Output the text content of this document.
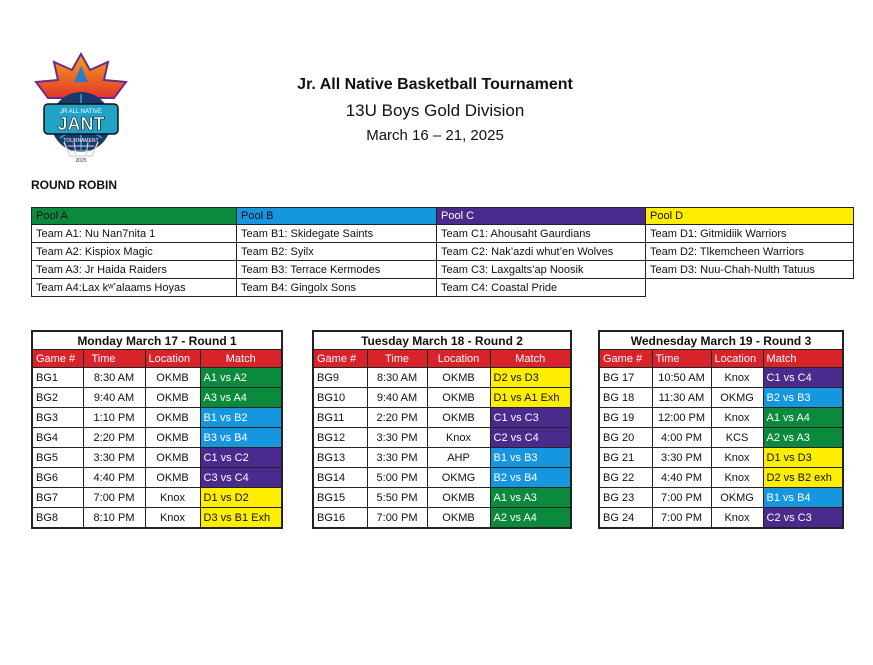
JR ALL NATIVE
JANT
TOURNAMENT
2025
Jr. All Native Basketball Tournament
13U Boys Gold Division
March 16 – 21, 2025
ROUND ROBIN
Pool A	Pool B	Pool C	Pool D
Team A1: Nu Nan7nita 1	Team B1: Skidegate Saints	Team C1: Ahousaht Gaurdians	Team D1: Gitmidiik Warriors
Team A2: Kispiox Magic	Team B2: Syilx	Team C2: Nak’azdi whut’en Wolves	Team D2: Tlkemcheen Warriors
Team A3: Jr Haida Raiders	Team B3: Terrace Kermodes	Team C3: Laxgalts’ap Noosik	Team D3: Nuu-Chah-Nulth Tatuus
Team A4:Lax kʷʼalaams Hoyas	Team B4: Gingolx Sons	Team C4: Coastal Pride	
Monday March 17 - Round 1			
Game #	Time	Location	Match
BG1	8:30 AM	OKMB	A1 vs A2
BG2	9:40 AM	OKMB	A3 vs A4
BG3	1:10 PM	OKMB	B1 vs B2
BG4	2:20 PM	OKMB	B3 vs B4
BG5	3:30 PM	OKMB	C1 vs C2
BG6	4:40 PM	OKMB	C3 vs C4
BG7	7:00 PM	Knox	D1 vs D2
BG8	8:10 PM	Knox	D3 vs B1 Exh
Tuesday March 18 - Round 2			
Game #	Time	Location	Match
BG9	8:30 AM	OKMB	D2 vs D3
BG10	9:40 AM	OKMB	D1 vs A1 Exh
BG11	2:20 PM	OKMB	C1 vs C3
BG12	3:30 PM	Knox	C2 vs C4
BG13	3:30 PM	AHP	B1 vs B3
BG14	5:00 PM	OKMG	B2 vs B4
BG15	5:50 PM	OKMB	A1 vs A3
BG16	7:00 PM	OKMB	A2 vs A4
Wednesday March 19 - Round 3			
Game #	Time	Location	Match
BG 17	10:50 AM	Knox	C1 vs C4
BG 18	11:30 AM	OKMG	B2 vs B3
BG 19	12:00 PM	Knox	A1 vs A4
BG 20	4:00 PM	KCS	A2 vs A3
BG 21	3:30 PM	Knox	D1 vs D3
BG 22	4:40 PM	Knox	D2 vs B2 exh
BG 23	7:00 PM	OKMG	B1 vs B4
BG 24	7:00 PM	Knox	C2 vs C3
